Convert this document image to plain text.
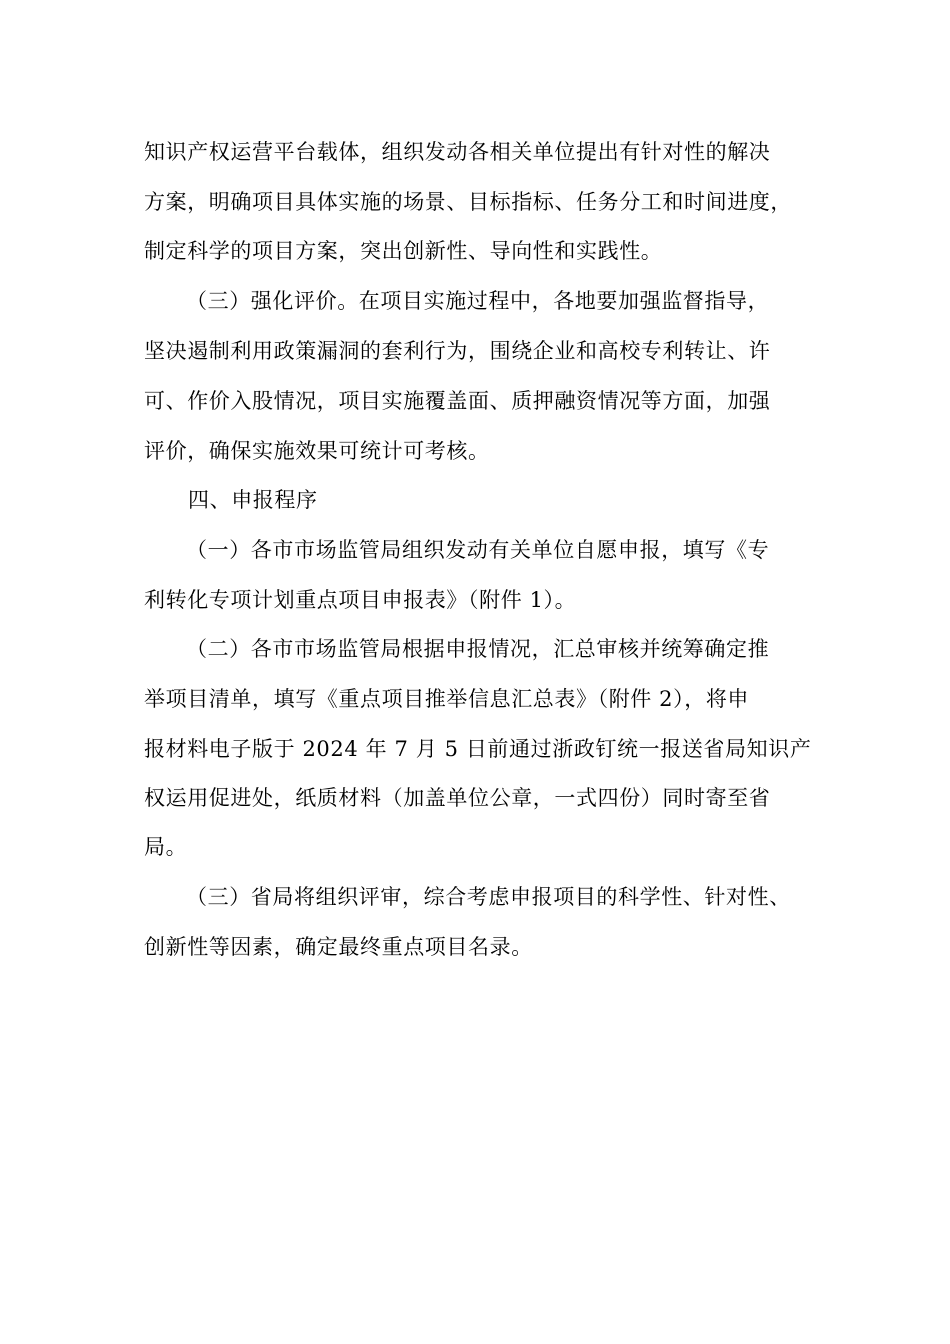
知识产权运营平台载体，组织发动各相关单位提出有针对性的解决
方案，明确项目具体实施的场景、目标指标、任务分工和时间进度，
制定科学的项目方案，突出创新性、导向性和实践性。
（三）强化评价。在项目实施过程中，各地要加强监督指导，
坚决遏制利用政策漏洞的套利行为，围绕企业和高校专利转让、许
可、作价入股情况，项目实施覆盖面、质押融资情况等方面，加强
评价，确保实施效果可统计可考核。
四、申报程序
（一）各市市场监管局组织发动有关单位自愿申报，填写《专
利转化专项计划重点项目申报表》（附件 1）。
（二）各市市场监管局根据申报情况，汇总审核并统筹确定推
举项目清单，填写《重点项目推举信息汇总表》（附件 2），将申
报材料电子版于 2024 年 7 月 5 日前通过浙政钉统一报送省局知识产
权运用促进处，纸质材料（加盖单位公章，一式四份）同时寄至省
局。
（三）省局将组织评审，综合考虑申报项目的科学性、针对性、
创新性等因素，确定最终重点项目名录。
